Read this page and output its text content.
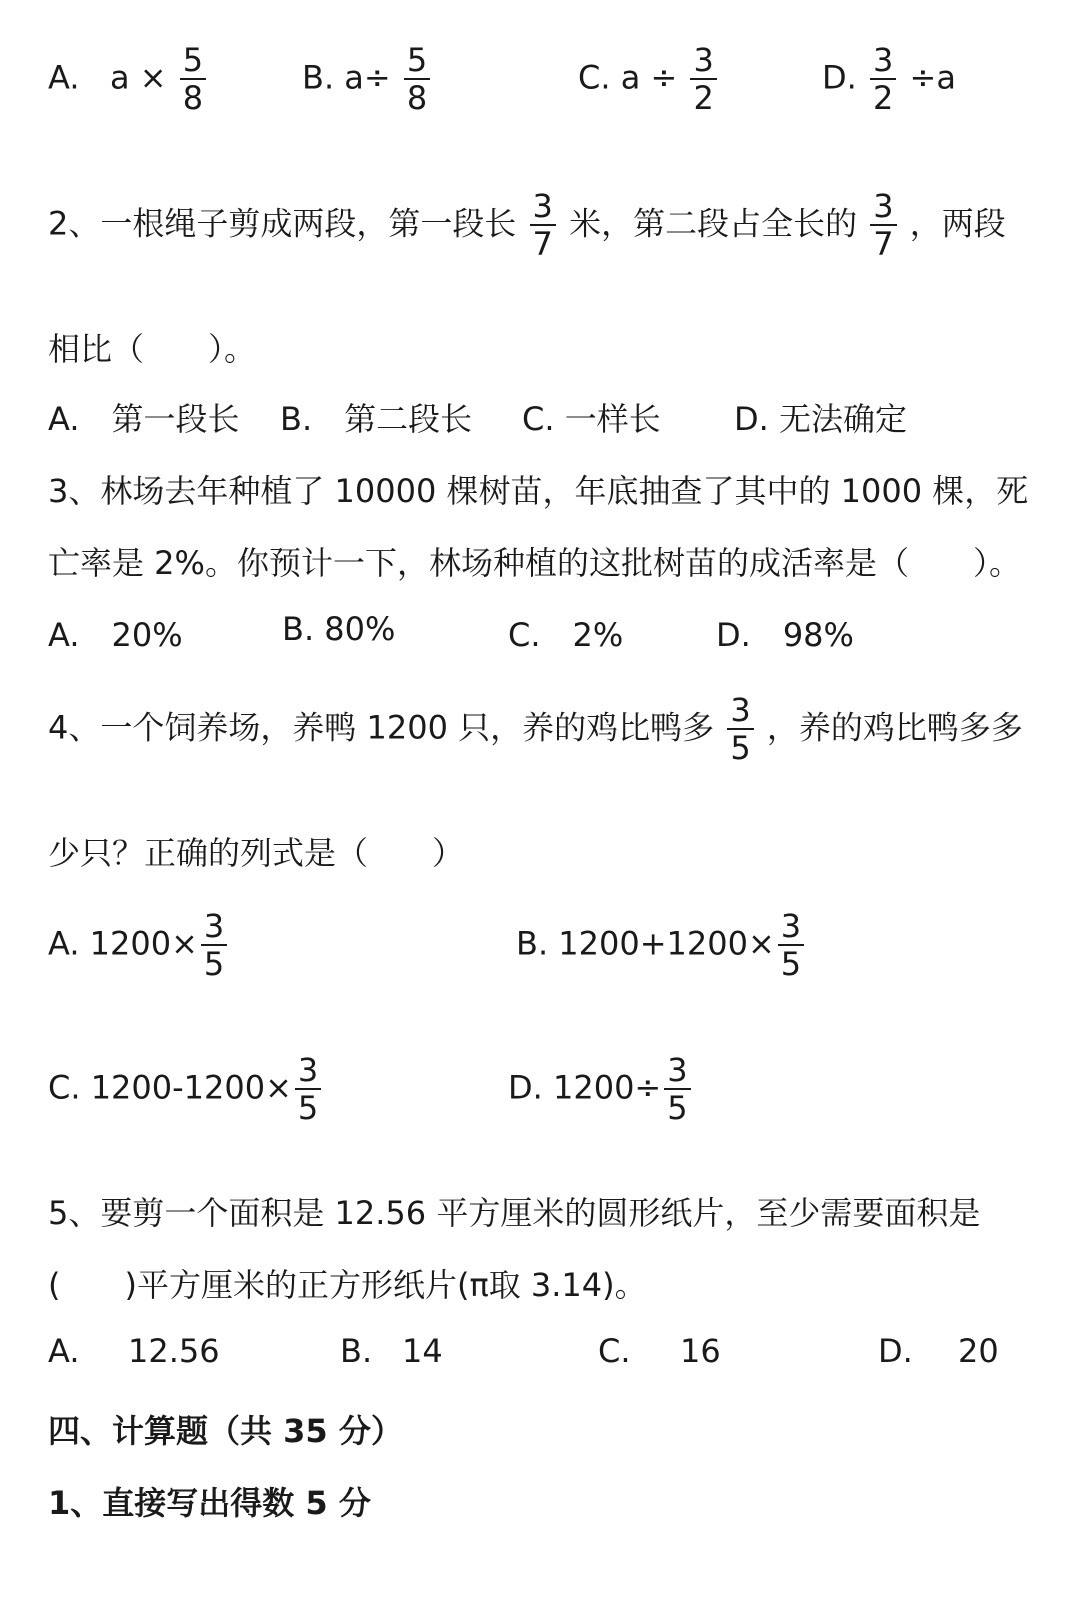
A. $a \times \frac{5}{8}$	B. $a\div \frac{5}{8}$	C. $a \div \frac{3}{2}$	D. $\frac{3}{2} \div a$
2、一根绳子剪成两段，第一段长 $\frac{3}{7}$ 米，第二段占全长的 $\frac{3}{7}$ ，两段
相比（　　）。
A.　第一段长 B.　第二段长 C. 一样长 D. 无法确定
3、林场去年种植了 10000 棵树苗，年底抽查了其中的 1000 棵，死
亡率是 2%。你预计一下，林场种植的这批树苗的成活率是（　　）。
A.　20%	B. 80%	C.　2%	D.　98%
4、一个饲养场，养鸭 1200 只，养的鸡比鸭多 $\frac{3}{5}$ ，养的鸡比鸭多多
少只？正确的列式是（　　）
A. $1200\times \frac{3}{5}$	B. $1200+1200\times \frac{3}{5}$
C. $1200-1200\times \frac{3}{5}$	D. $1200\div \frac{3}{5}$
5、要剪一个面积是 12.56 平方厘米的圆形纸片，至少需要面积是
(　　)平方厘米的正方形纸片(π取 3.14)。
A. 12.56	B. 14	C. 16	D. 20
四、计算题（共 35 分）
1、直接写出得数 5 分
